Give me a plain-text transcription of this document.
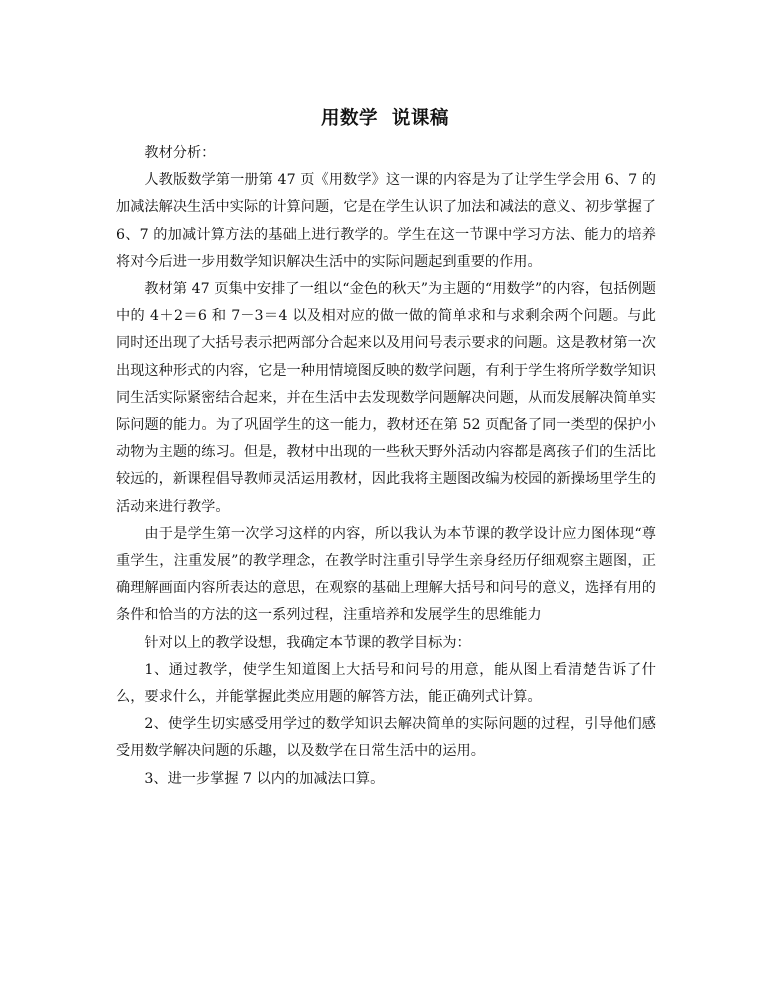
用数学  说课稿

教材分析：

人教版数学第一册第 47 页《用数学》这一课的内容是为了让学生学会用 6、7 的加减法解决生活中实际的计算问题，它是在学生认识了加法和减法的意义、初步掌握了 6、7 的加减计算方法的基础上进行教学的。学生在这一节课中学习方法、能力的培养将对今后进一步用数学知识解决生活中的实际问题起到重要的作用。

教材第 47 页集中安排了一组以“金色的秋天”为主题的“用数学”的内容，包括例题中的 4＋2＝6 和 7－3＝4 以及相对应的做一做的简单求和与求剩余两个问题。与此同时还出现了大括号表示把两部分合起来以及用问号表示要求的问题。这是教材第一次出现这种形式的内容，它是一种用情境图反映的数学问题，有利于学生将所学数学知识同生活实际紧密结合起来，并在生活中去发现数学问题解决问题，从而发展解决简单实际问题的能力。为了巩固学生的这一能力，教材还在第 52 页配备了同一类型的保护小动物为主题的练习。但是，教材中出现的一些秋天野外活动内容都是离孩子们的生活比较远的，新课程倡导教师灵活运用教材，因此我将主题图改编为校园的新操场里学生的活动来进行教学。

由于是学生第一次学习这样的内容，所以我认为本节课的教学设计应力图体现“尊重学生，注重发展”的教学理念，在教学时注重引导学生亲身经历仔细观察主题图，正确理解画面内容所表达的意思，在观察的基础上理解大括号和问号的意义，选择有用的条件和恰当的方法的这一系列过程，注重培养和发展学生的思维能力

针对以上的教学设想，我确定本节课的教学目标为：

1、通过教学，使学生知道图上大括号和问号的用意，能从图上看清楚告诉了什么，要求什么，并能掌握此类应用题的解答方法，能正确列式计算。

2、使学生切实感受用学过的数学知识去解决简单的实际问题的过程，引导他们感受用数学解决问题的乐趣，以及数学在日常生活中的运用。

3、进一步掌握 7 以内的加减法口算。
